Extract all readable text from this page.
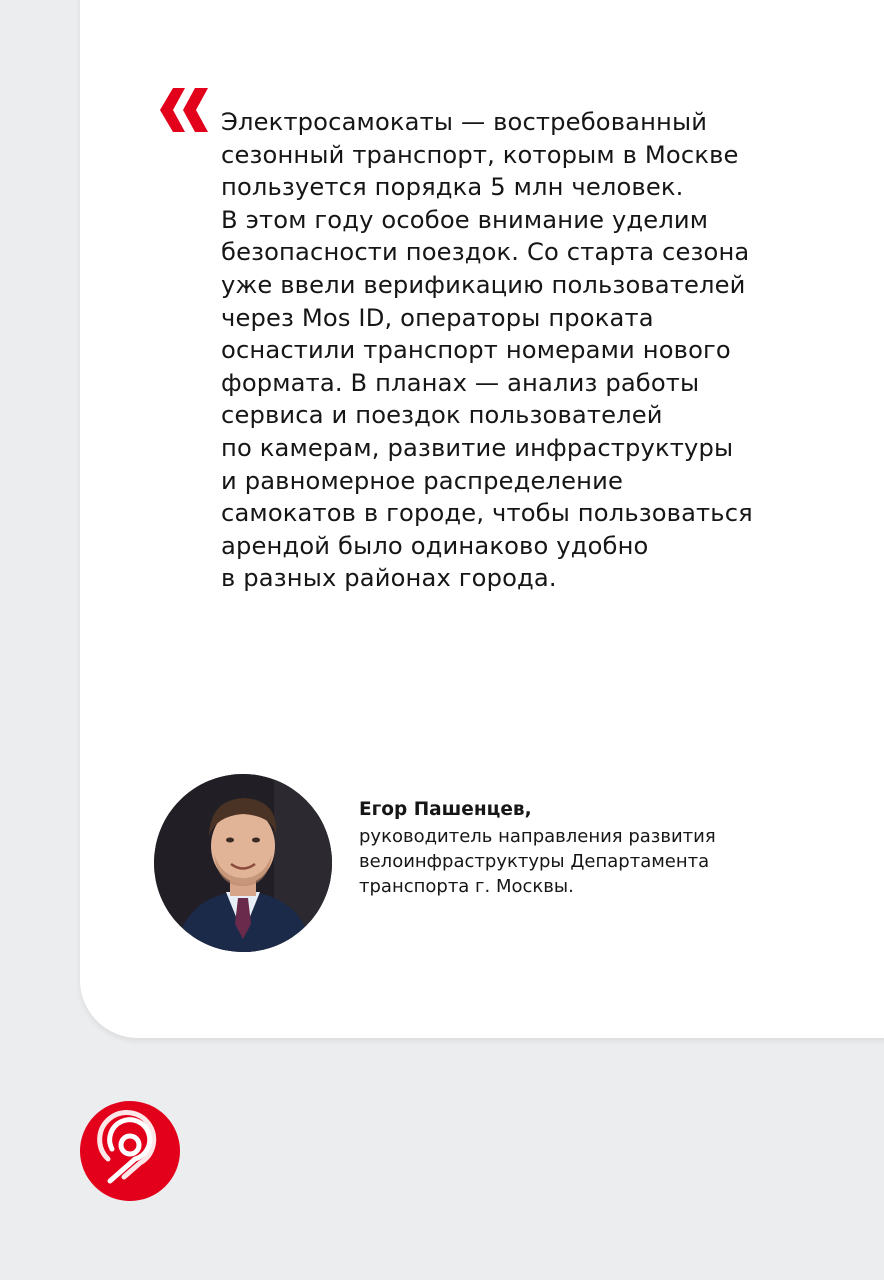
Электросамокаты — востребованный
сезонный транспорт, которым в Москве
пользуется порядка 5 млн человек.
В этом году особое внимание уделим
безопасности поездок. Со старта сезона
уже ввели верификацию пользователей
через Mos ID, операторы проката
оснастили транспорт номерами нового
формата. В планах — анализ работы
сервиса и поездок пользователей
по камерам, развитие инфраструктуры
и равномерное распределение
самокатов в городе, чтобы пользоваться
арендой было одинаково удобно
в разных районах города.

Егор Пашенцев,

руководитель направления развития
велоинфраструктуры Департамента
транспорта г. Москвы.
